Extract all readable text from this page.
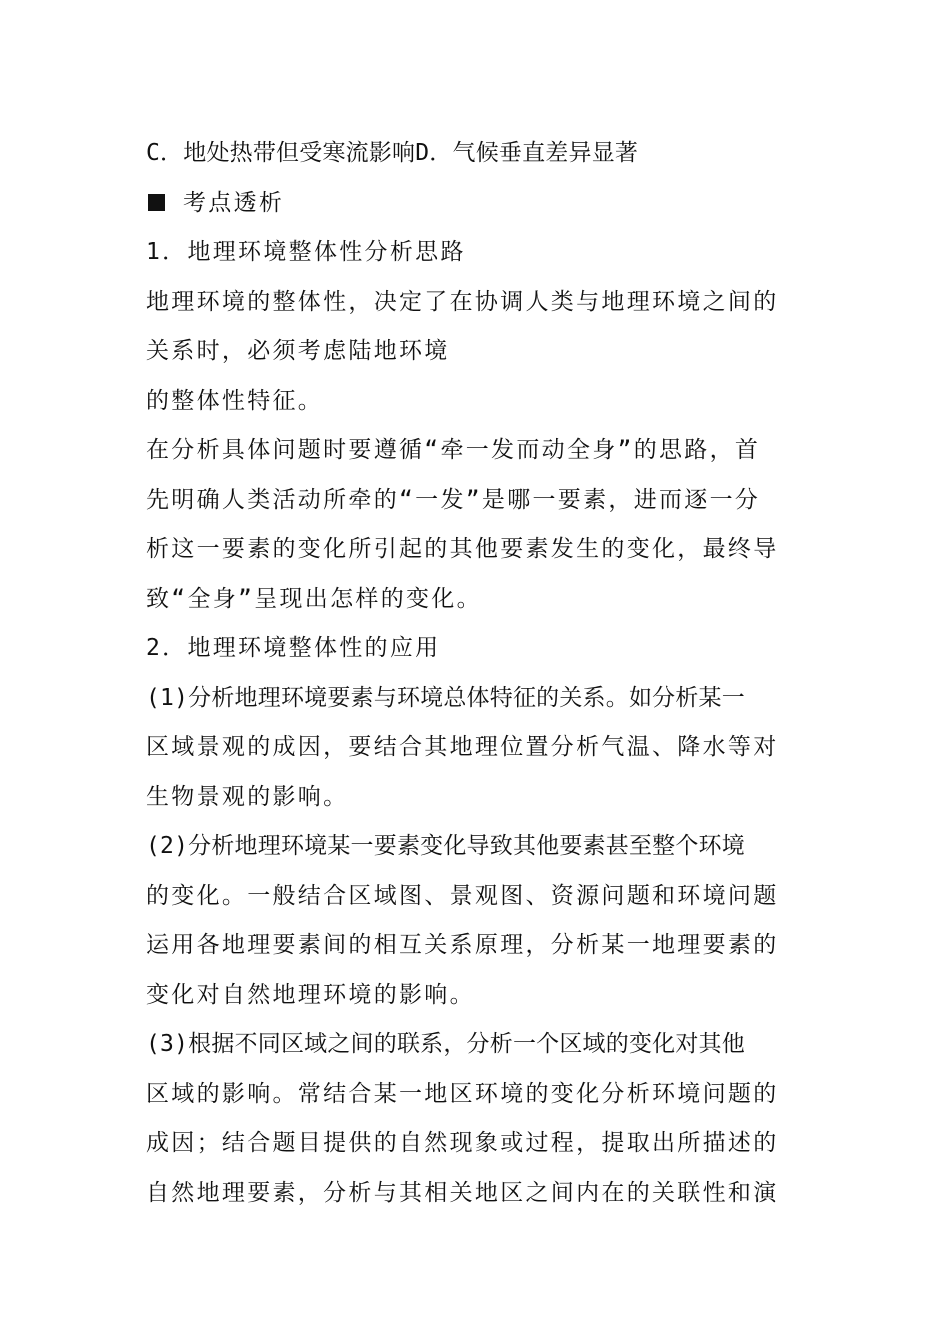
C．地处热带但受寒流影响D．气候垂直差异显著
考点透析
1．地理环境整体性分析思路
地理环境的整体性，决定了在协调人类与地理环境之间的
关系时，必须考虑陆地环境
的整体性特征。
在分析具体问题时要遵循“牵一发而动全身”的思路，首
先明确人类活动所牵的“一发”是哪一要素，进而逐一分
析这一要素的变化所引起的其他要素发生的变化，最终导
致“全身”呈现出怎样的变化。
2．地理环境整体性的应用
(1)分析地理环境要素与环境总体特征的关系。如分析某一
区域景观的成因，要结合其地理位置分析气温、降水等对
生物景观的影响。
(2)分析地理环境某一要素变化导致其他要素甚至整个环境
的变化。一般结合区域图、景观图、资源问题和环境问题
运用各地理要素间的相互关系原理，分析某一地理要素的
变化对自然地理环境的影响。
(3)根据不同区域之间的联系，分析一个区域的变化对其他
区域的影响。常结合某一地区环境的变化分析环境问题的
成因；结合题目提供的自然现象或过程，提取出所描述的
自然地理要素，分析与其相关地区之间内在的关联性和演
